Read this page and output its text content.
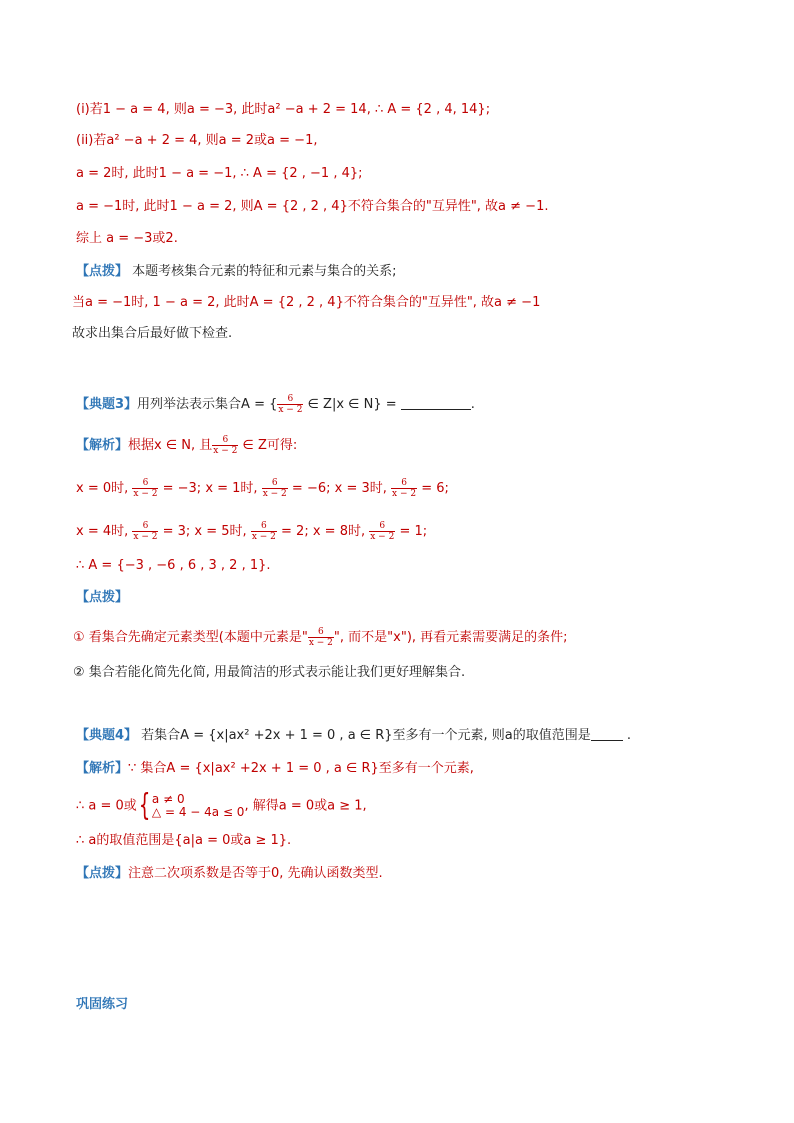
(i)若1 − a = 4, 则a = −3, 此时a² −a + 2 = 14, ∴ A = {2 , 4, 14};
(ii)若a² −a + 2 = 4, 则a = 2或a = −1,
a = 2时, 此时1 − a = −1, ∴ A = {2 , −1 , 4};
a = −1时, 此时1 − a = 2, 则A = {2 , 2 , 4}不符合集合的"互异性", 故a ≠ −1.
综上 a = −3或2.
【点拨】 本题考核集合元素的特征和元素与集合的关系;
当a = −1时, 1 − a = 2, 此时A = {2 , 2 , 4}不符合集合的"互异性", 故a ≠ −1
故求出集合后最好做下检查.
【典题3】用列举法表示集合A = { $\frac{6}{x - 2}$ ∈ Z|x ∈ N} =	.
【解析】根据x ∈ N, 且 $\frac{6}{x - 2}$ ∈ Z可得:
x = 0时, $\frac{6}{x - 2} = -3$; x = 1时, $\frac{6}{x - 2} = -6$; x = 3时, $\frac{6}{x - 2} = 6$;
x = 4时, $\frac{6}{x - 2} = 3$; x = 5时, $\frac{6}{x - 2} = 2$; x = 8时, $\frac{6}{x - 2} = 1$;
∴ A = {−3 , −6 , 6 , 3 , 2 , 1}.
【点拨】
① 看集合先确定元素类型(本题中元素是" $\frac{6}{x - 2}$ ", 而不是"x"), 再看元素需要满足的条件;
② 集合若能化简先化简, 用最简洁的形式表示能让我们更好理解集合.
【典题4】 若集合A = {x|ax² +2x + 1 = 0 , a ∈ R}至多有一个元素, 则a的取值范围是 .
【解析】∵ 集合A = {x|ax² +2x + 1 = 0 , a ∈ R}至多有一个元素,
∴ a = 0或{ a ≠ 0
△ = 4 − 4a ≤ 0 , 解得a = 0或a ≥ 1,
∴ a的取值范围是{a|a = 0或a ≥ 1}.
【点拨】注意二次项系数是否等于0, 先确认函数类型.
巩固练习
